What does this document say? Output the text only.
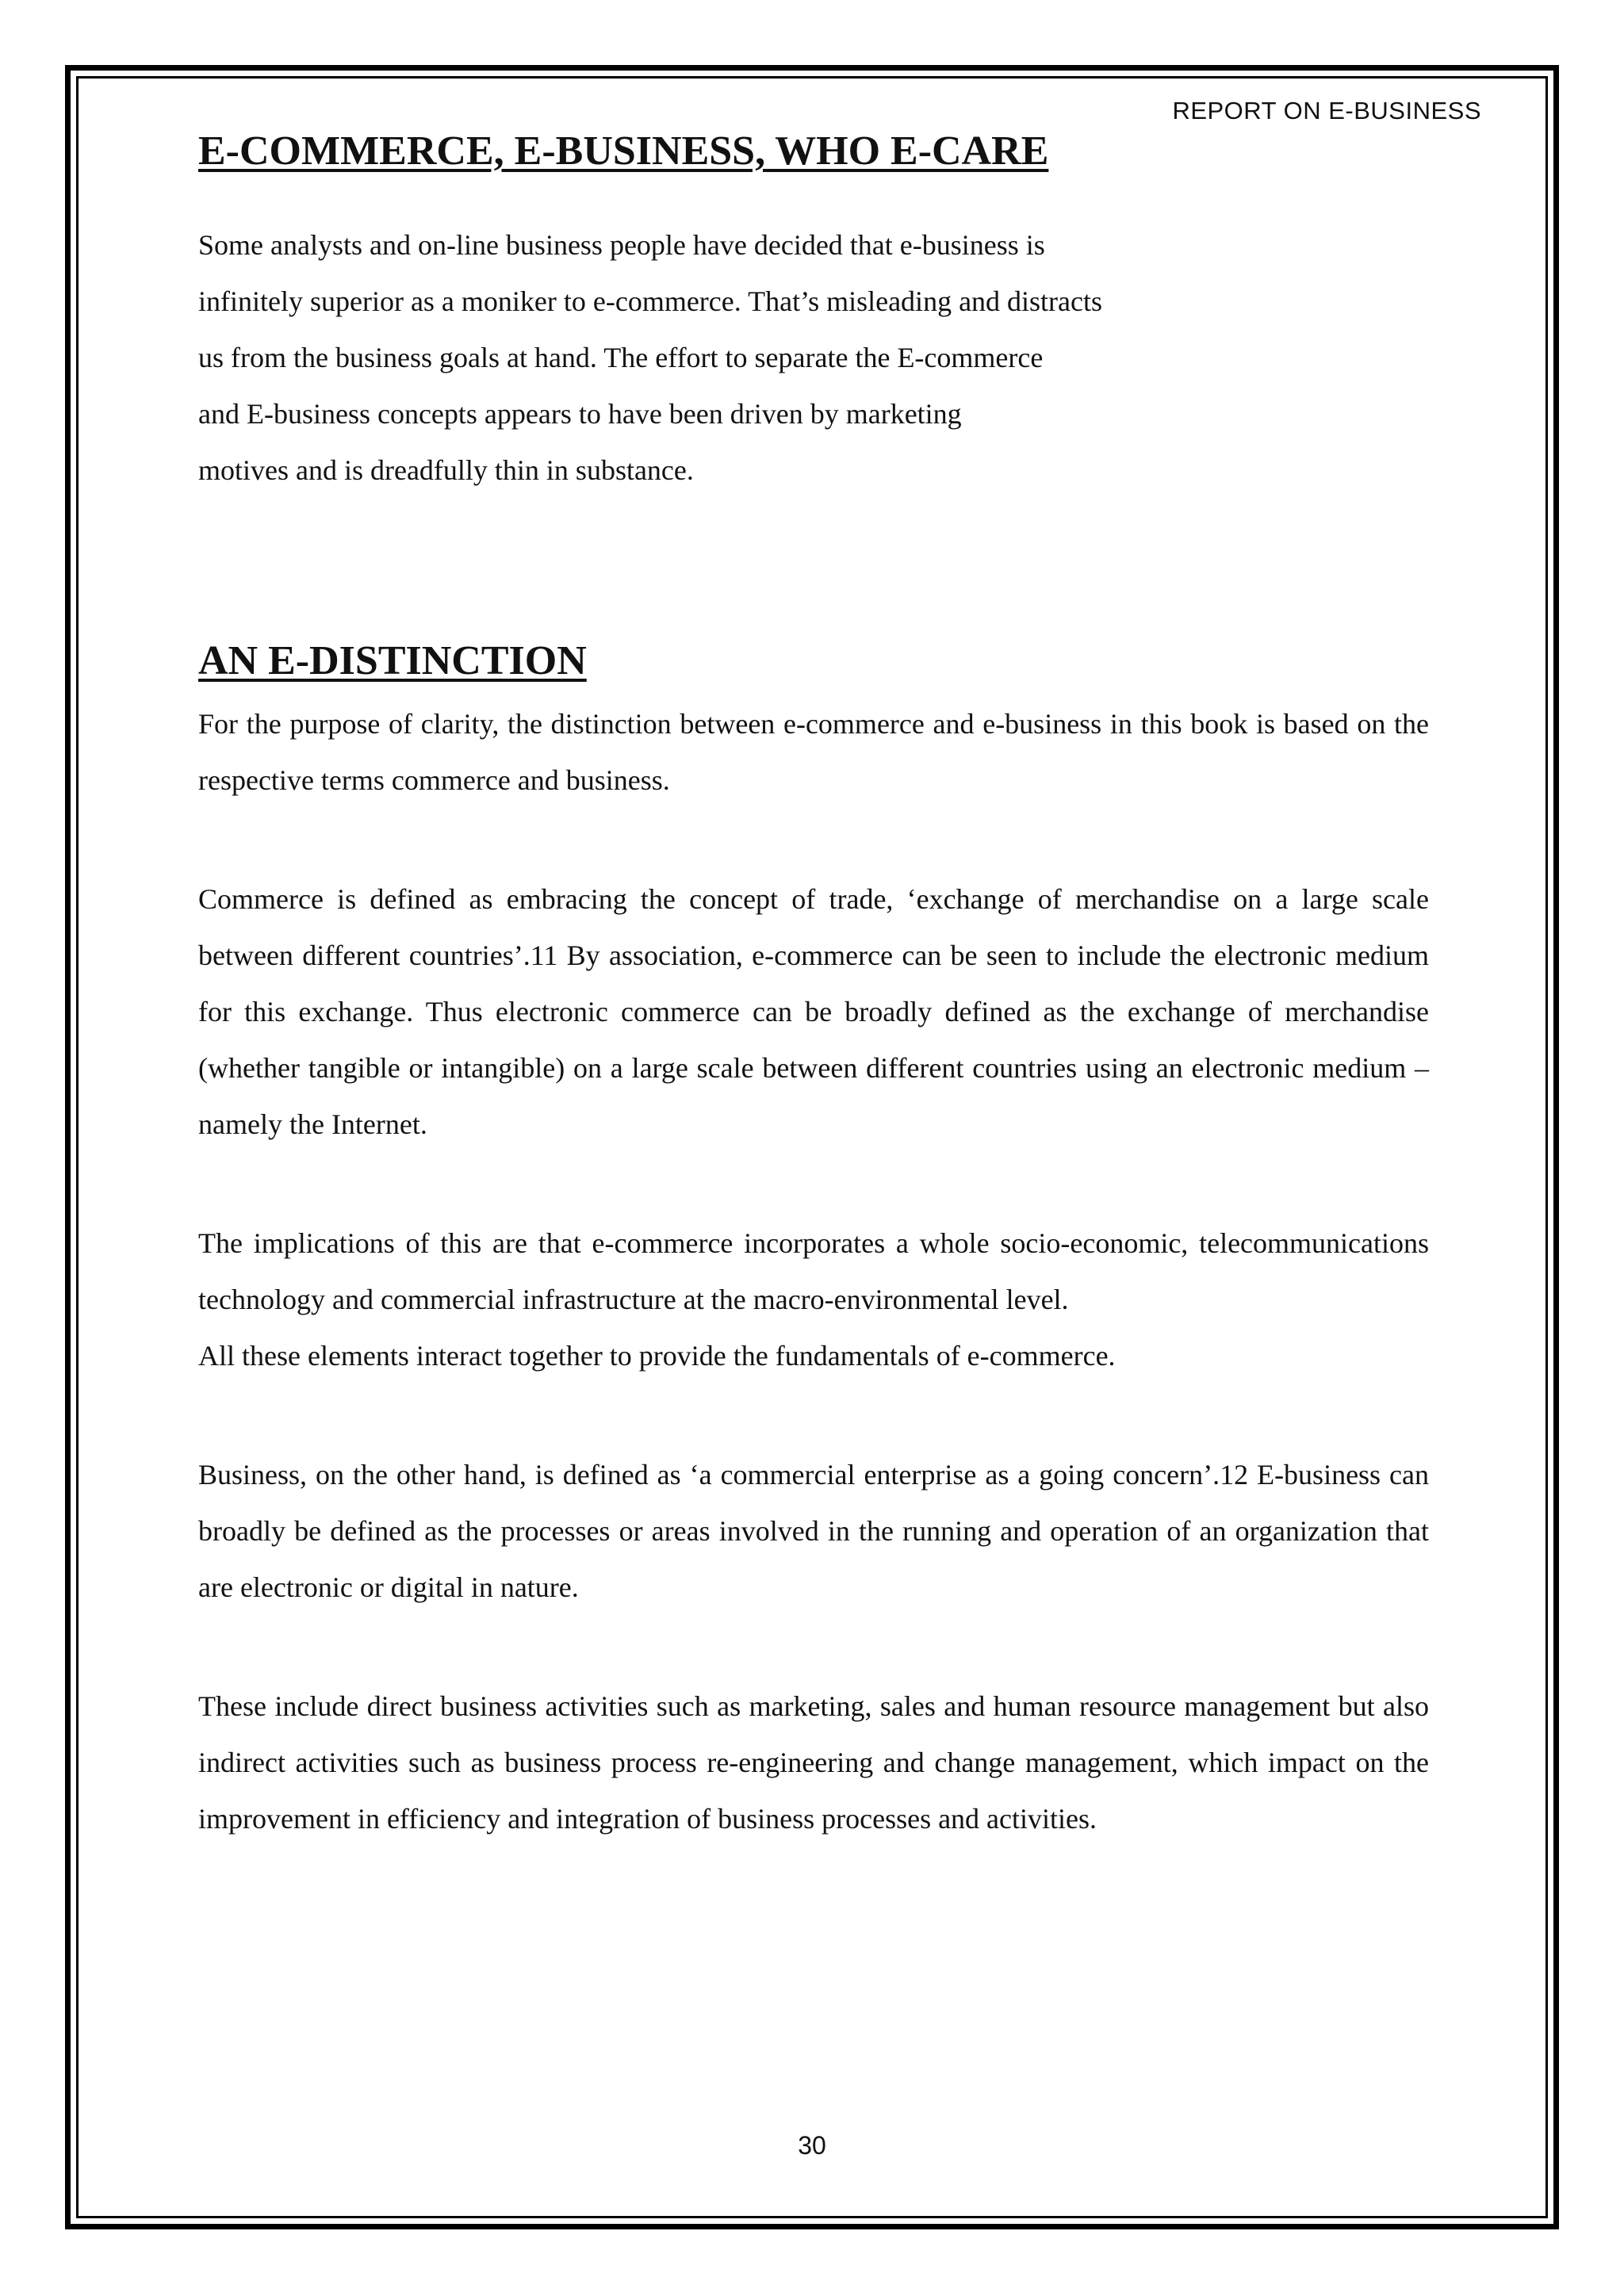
REPORT ON E-BUSINESS
E-COMMERCE, E-BUSINESS, WHO E-CARE
Some analysts and on-line business people have decided that e-business is
infinitely superior as a moniker to e-commerce. That’s misleading and distracts
us from the business goals at hand. The effort to separate the E-commerce
and E-business concepts appears to have been driven by marketing
motives and is dreadfully thin in substance.
AN E-DISTINCTION

For the purpose of clarity, the distinction between e-commerce and e-business in this book is based on the respective terms commerce and business.

Commerce is defined as embracing the concept of trade, ‘exchange of merchandise on a large scale between different countries’.11 By association, e-commerce can be seen to include the electronic medium for this exchange. Thus electronic commerce can be broadly defined as the exchange of merchandise (whether tangible or intangible) on a large scale between different countries using an electronic medium – namely the Internet.

The implications of this are that e-commerce incorporates a whole socio-economic, telecommunications technology and commercial infrastructure at the macro-environmental level.

All these elements interact together to provide the fundamentals of e-commerce.

Business, on the other hand, is defined as ‘a commercial enterprise as a going concern’.12 E-business can broadly be defined as the processes or areas involved in the running and operation of an organization that are electronic or digital in nature.

These include direct business activities such as marketing, sales and human resource management but also indirect activities such as business process re-engineering and change management, which impact on the improvement in efficiency and integration of business processes and activities.

30
